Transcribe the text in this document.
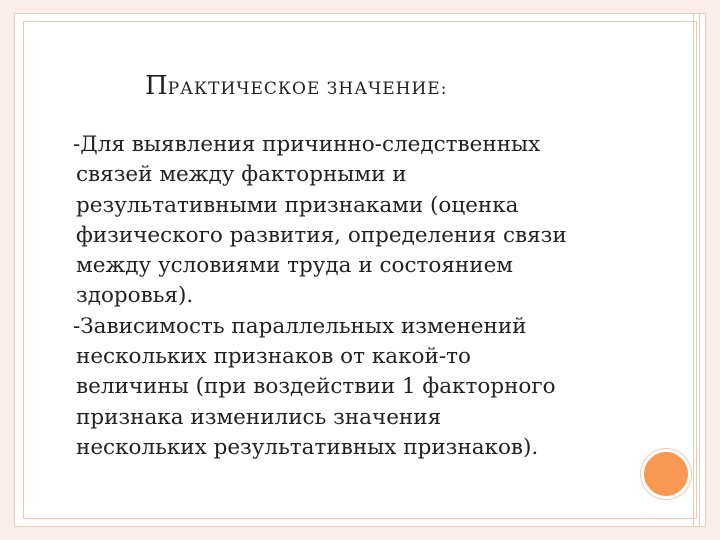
ПРАКТИЧЕСКОЕ ЗНАЧЕНИЕ:

-Для выявления причинно-следственных
связей между факторными и
результативными признаками (оценка
физического развития, определения связи
между условиями труда и состоянием
здоровья).

-Зависимость параллельных изменений
нескольких признаков от какой-то
величины (при воздействии 1 факторного
признака изменились значения
нескольких результативных признаков).
